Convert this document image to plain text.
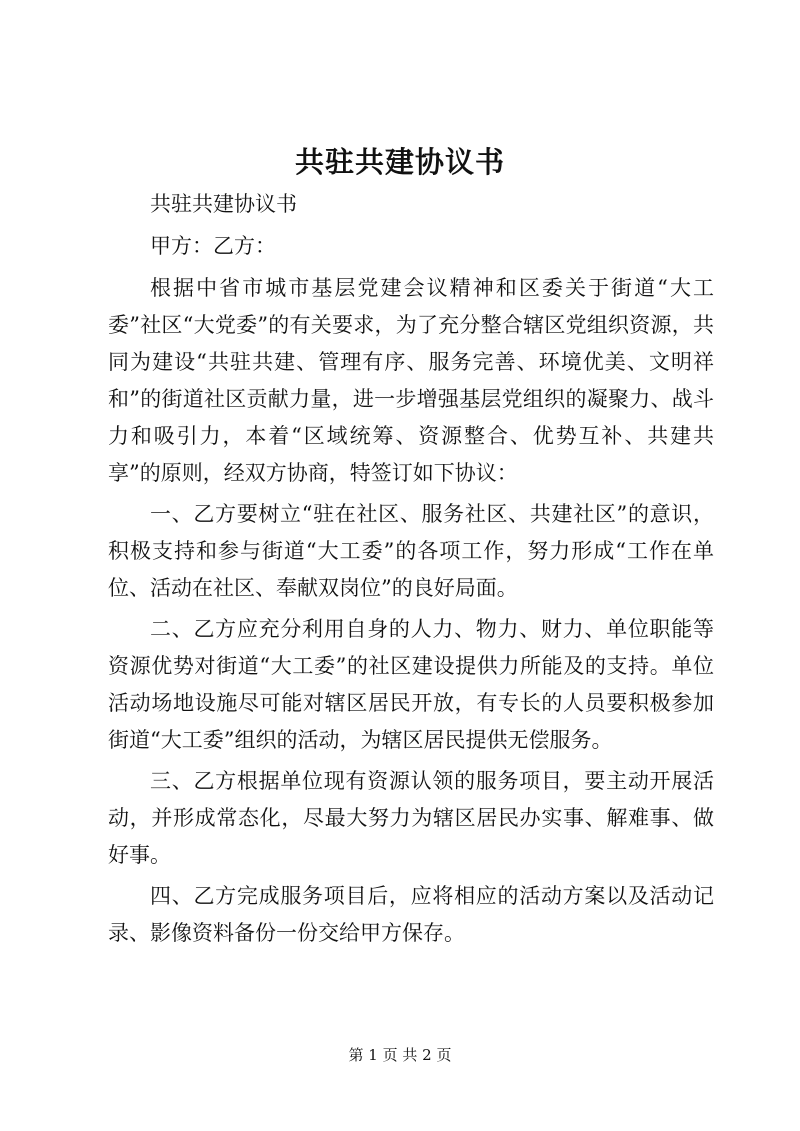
共驻共建协议书

共驻共建协议书

甲方：乙方：

根据中省市城市基层党建会议精神和区委关于街道“大工委”社区“大党委”的有关要求，为了充分整合辖区党组织资源，共同为建设“共驻共建、管理有序、服务完善、环境优美、文明祥和”的街道社区贡献力量，进一步增强基层党组织的凝聚力、战斗力和吸引力，本着“区域统筹、资源整合、优势互补、共建共享”的原则，经双方协商，特签订如下协议：

一、乙方要树立“驻在社区、服务社区、共建社区”的意识，积极支持和参与街道“大工委”的各项工作，努力形成“工作在单位、活动在社区、奉献双岗位”的良好局面。

二、乙方应充分利用自身的人力、物力、财力、单位职能等资源优势对街道“大工委”的社区建设提供力所能及的支持。单位活动场地设施尽可能对辖区居民开放，有专长的人员要积极参加街道“大工委”组织的活动，为辖区居民提供无偿服务。

三、乙方根据单位现有资源认领的服务项目，要主动开展活动，并形成常态化，尽最大努力为辖区居民办实事、解难事、做好事。

四、乙方完成服务项目后，应将相应的活动方案以及活动记录、影像资料备份一份交给甲方保存。

第 1 页 共 2 页
